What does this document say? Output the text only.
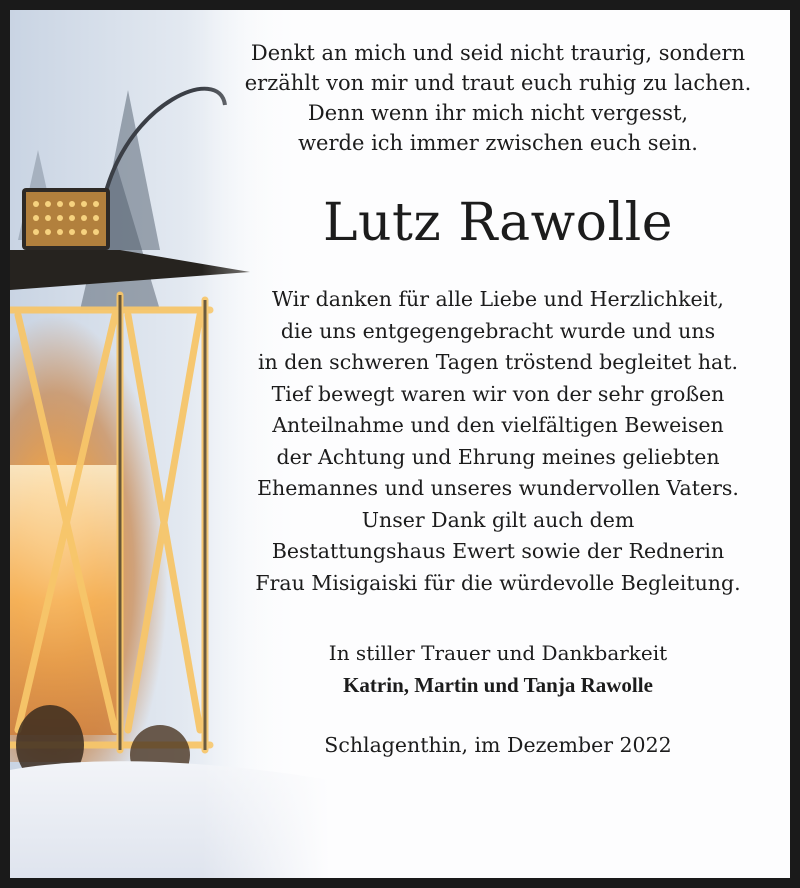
Denkt an mich und seid nicht traurig, sondern
erzählt von mir und traut euch ruhig zu lachen.
Denn wenn ihr mich nicht vergesst,
werde ich immer zwischen euch sein.
Lutz Rawolle
Wir danken für alle Liebe und Herzlichkeit,
die uns entgegengebracht wurde und uns
in den schweren Tagen tröstend begleitet hat.
Tief bewegt waren wir von der sehr großen
Anteilnahme und den vielfältigen Beweisen
der Achtung und Ehrung meines geliebten
Ehemannes und unseres wundervollen Vaters.
Unser Dank gilt auch dem
Bestattungshaus Ewert sowie der Rednerin
Frau Misigaiski für die würdevolle Begleitung.
In stiller Trauer und Dankbarkeit
Katrin, Martin und Tanja Rawolle
Schlagenthin, im Dezember 2022
